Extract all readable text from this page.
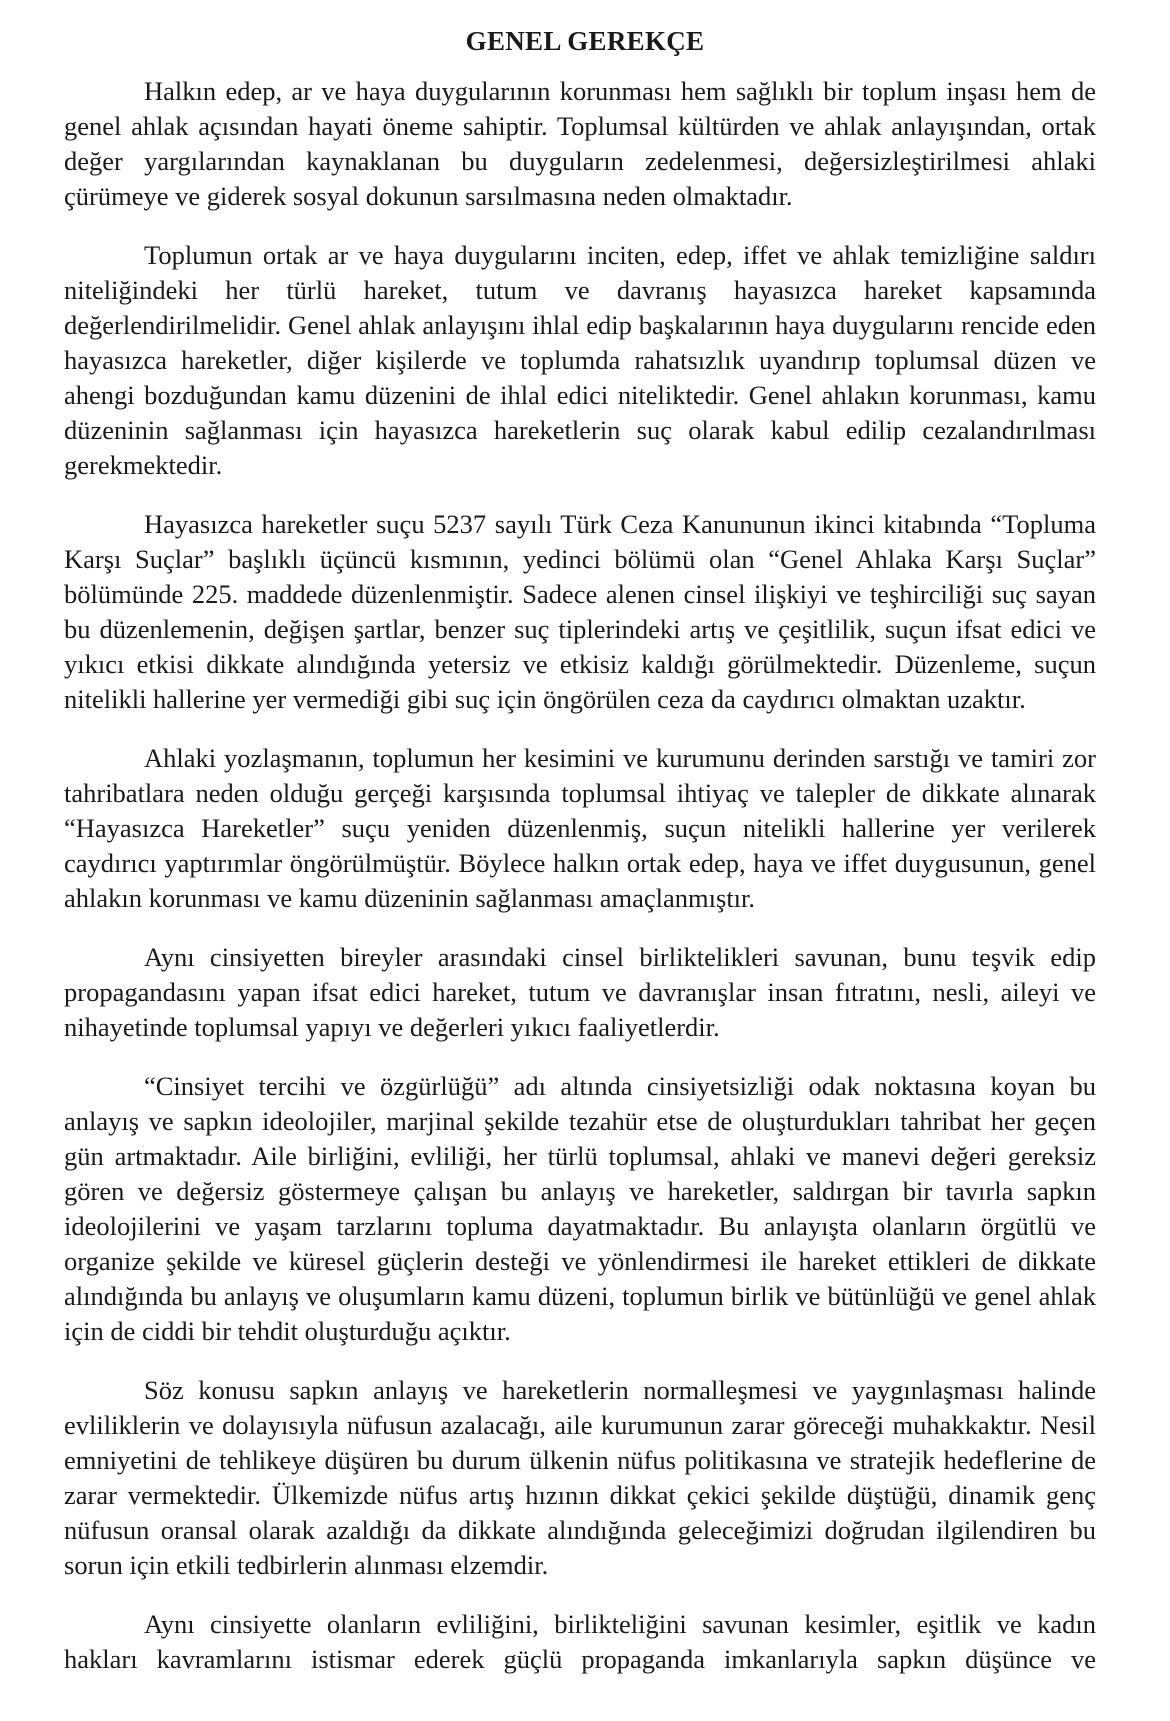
GENEL GEREKÇE

Halkın edep, ar ve haya duygularının korunması hem sağlıklı bir toplum inşası hem de genel ahlak açısından hayati öneme sahiptir. Toplumsal kültürden ve ahlak anlayışından, ortak değer yargılarından kaynaklanan bu duyguların zedelenmesi, değersizleştirilmesi ahlaki çürümeye ve giderek sosyal dokunun sarsılmasına neden olmaktadır.

Toplumun ortak ar ve haya duygularını inciten, edep, iffet ve ahlak temizliğine saldırı niteliğindeki her türlü hareket, tutum ve davranış hayasızca hareket kapsamında değerlendirilmelidir. Genel ahlak anlayışını ihlal edip başkalarının haya duygularını rencide eden hayasızca hareketler, diğer kişilerde ve toplumda rahatsızlık uyandırıp toplumsal düzen ve ahengi bozduğundan kamu düzenini de ihlal edici niteliktedir. Genel ahlakın korunması, kamu düzeninin sağlanması için hayasızca hareketlerin suç olarak kabul edilip cezalandırılması gerekmektedir.

Hayasızca hareketler suçu 5237 sayılı Türk Ceza Kanununun ikinci kitabında “Topluma Karşı Suçlar” başlıklı üçüncü kısmının, yedinci bölümü olan “Genel Ahlaka Karşı Suçlar” bölümünde 225. maddede düzenlenmiştir. Sadece alenen cinsel ilişkiyi ve teşhirciliği suç sayan bu düzenlemenin, değişen şartlar, benzer suç tiplerindeki artış ve çeşitlilik, suçun ifsat edici ve yıkıcı etkisi dikkate alındığında yetersiz ve etkisiz kaldığı görülmektedir. Düzenleme, suçun nitelikli hallerine yer vermediği gibi suç için öngörülen ceza da caydırıcı olmaktan uzaktır.

Ahlaki yozlaşmanın, toplumun her kesimini ve kurumunu derinden sarstığı ve tamiri zor tahribatlara neden olduğu gerçeği karşısında toplumsal ihtiyaç ve talepler de dikkate alınarak “Hayasızca Hareketler” suçu yeniden düzenlenmiş, suçun nitelikli hallerine yer verilerek caydırıcı yaptırımlar öngörülmüştür. Böylece halkın ortak edep, haya ve iffet duygusunun, genel ahlakın korunması ve kamu düzeninin sağlanması amaçlanmıştır.

Aynı cinsiyetten bireyler arasındaki cinsel birliktelikleri savunan, bunu teşvik edip propagandasını yapan ifsat edici hareket, tutum ve davranışlar insan fıtratını, nesli, aileyi ve nihayetinde toplumsal yapıyı ve değerleri yıkıcı faaliyetlerdir.

“Cinsiyet tercihi ve özgürlüğü” adı altında cinsiyetsizliği odak noktasına koyan bu anlayış ve sapkın ideolojiler, marjinal şekilde tezahür etse de oluşturdukları tahribat her geçen gün artmaktadır. Aile birliğini, evliliği, her türlü toplumsal, ahlaki ve manevi değeri gereksiz gören ve değersiz göstermeye çalışan bu anlayış ve hareketler, saldırgan bir tavırla sapkın ideolojilerini ve yaşam tarzlarını topluma dayatmaktadır. Bu anlayışta olanların örgütlü ve organize şekilde ve küresel güçlerin desteği ve yönlendirmesi ile hareket ettikleri de dikkate alındığında bu anlayış ve oluşumların kamu düzeni, toplumun birlik ve bütünlüğü ve genel ahlak için de ciddi bir tehdit oluşturduğu açıktır.

Söz konusu sapkın anlayış ve hareketlerin normalleşmesi ve yaygınlaşması halinde evliliklerin ve dolayısıyla nüfusun azalacağı, aile kurumunun zarar göreceği muhakkaktır. Nesil emniyetini de tehlikeye düşüren bu durum ülkenin nüfus politikasına ve stratejik hedeflerine de zarar vermektedir. Ülkemizde nüfus artış hızının dikkat çekici şekilde düştüğü, dinamik genç nüfusun oransal olarak azaldığı da dikkate alındığında geleceğimizi doğrudan ilgilendiren bu sorun için etkili tedbirlerin alınması elzemdir.

Aynı cinsiyette olanların evliliğini, birlikteliğini savunan kesimler, eşitlik ve kadın hakları kavramlarını istismar ederek güçlü propaganda imkanlarıyla sapkın düşünce ve
